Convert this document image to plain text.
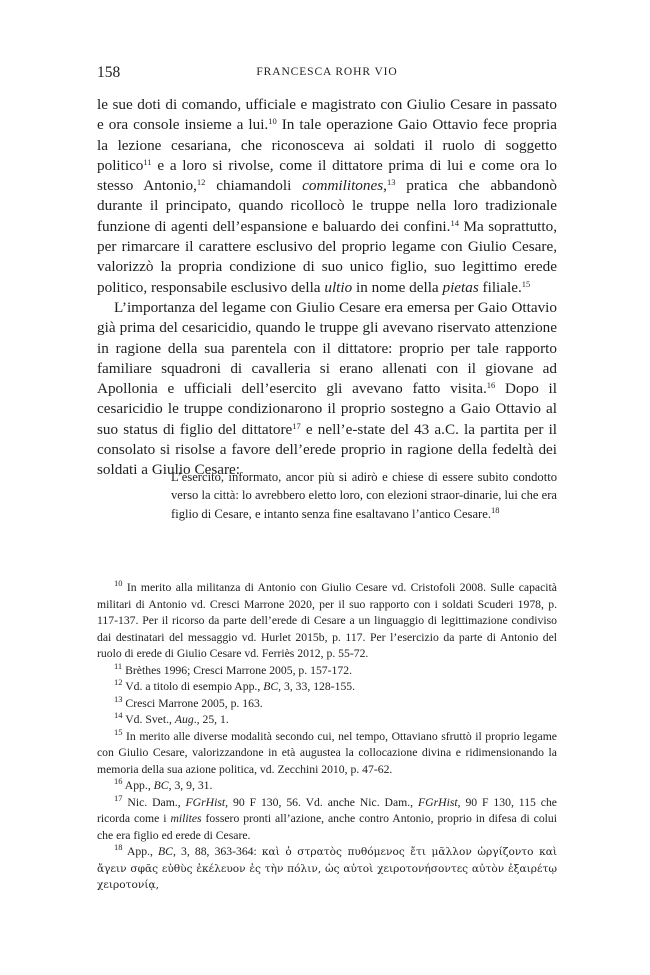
158	FRANCESCA ROHR VIO

le sue doti di comando, ufficiale e magistrato con Giulio Cesare in passato e ora console insieme a lui.$^{10}$ In tale operazione Gaio Ottavio fece propria la lezione cesariana, che riconosceva ai soldati il ruolo di soggetto politico$^{11}$ e a loro si rivolse, come il dittatore prima di lui e come ora lo stesso Antonio,$^{12}$ chiamandoli commilitones,$^{13}$ pratica che abbandonò durante il principato, quando ricollocò le truppe nella loro tradizionale funzione di agenti dell’espansione e baluardo dei confini.$^{14}$ Ma soprattutto, per rimarcare il carattere esclusivo del proprio legame con Giulio Cesare, valorizzò la propria condizione di suo unico figlio, suo legittimo erede politico, responsabile esclusivo della ultio in nome della pietas filiale.$^{15}$

L’importanza del legame con Giulio Cesare era emersa per Gaio Ottavio già prima del cesaricidio, quando le truppe gli avevano riservato attenzione in ragione della sua parentela con il dittatore: proprio per tale rapporto familiare squadroni di cavalleria si erano allenati con il giovane ad Apollonia e ufficiali dell’esercito gli avevano fatto visita.$^{16}$ Dopo il cesaricidio le truppe condizionarono il proprio sostegno a Gaio Ottavio al suo status di figlio del dittatore$^{17}$ e nell’e-state del 43 a.C. la partita per il consolato si risolse a favore dell’erede proprio in ragione della fedeltà dei soldati a Giulio Cesare:

L’esercito, informato, ancor più si adirò e chiese di essere subito condotto verso la città: lo avrebbero eletto loro, con elezioni straor-dinarie, lui che era figlio di Cesare, e intanto senza fine esaltavano l’antico Cesare.$^{18}$

$^{10}$ In merito alla militanza di Antonio con Giulio Cesare vd. Cristofoli 2008. Sulle capacità militari di Antonio vd. Cresci Marrone 2020, per il suo rapporto con i soldati Scuderi 1978, p. 117-137. Per il ricorso da parte dell’erede di Cesare a un linguaggio di legittimazione condiviso dai destinatari del messaggio vd. Hurlet 2015b, p. 117. Per l’esercizio da parte di Antonio del ruolo di erede di Giulio Cesare vd. Ferriès 2012, p. 55-72.

$^{11}$ Brèthes 1996; Cresci Marrone 2005, p. 157-172.

$^{12}$ Vd. a titolo di esempio App., BC, 3, 33, 128-155.

$^{13}$ Cresci Marrone 2005, p. 163.

$^{14}$ Vd. Svet., Aug., 25, 1.

$^{15}$ In merito alle diverse modalità secondo cui, nel tempo, Ottaviano sfruttò il proprio legame con Giulio Cesare, valorizzandone in età augustea la collocazione divina e ridimensionando la memoria della sua azione politica, vd. Zecchini 2010, p. 47-62.

$^{16}$ App., BC, 3, 9, 31.

$^{17}$ Nic. Dam., FGrHist, 90 F 130, 56. Vd. anche Nic. Dam., FGrHist, 90 F 130, 115 che ricorda come i milites fossero pronti all’azione, anche contro Antonio, proprio in difesa di colui che era figlio ed erede di Cesare.

$^{18}$ App., BC, 3, 88, 363-364: καὶ ὁ στρατὸς πυθόμενος ἔτι μᾶλλον ὠργίζοντο καὶ ἄγειν σφᾶς εὐθὺς ἐκέλευον ἐς τὴν πόλιν, ὡς αὐτοὶ χειροτονήσοντες αὐτὸν ἐξαιρέτῳ χειροτονίᾳ,
